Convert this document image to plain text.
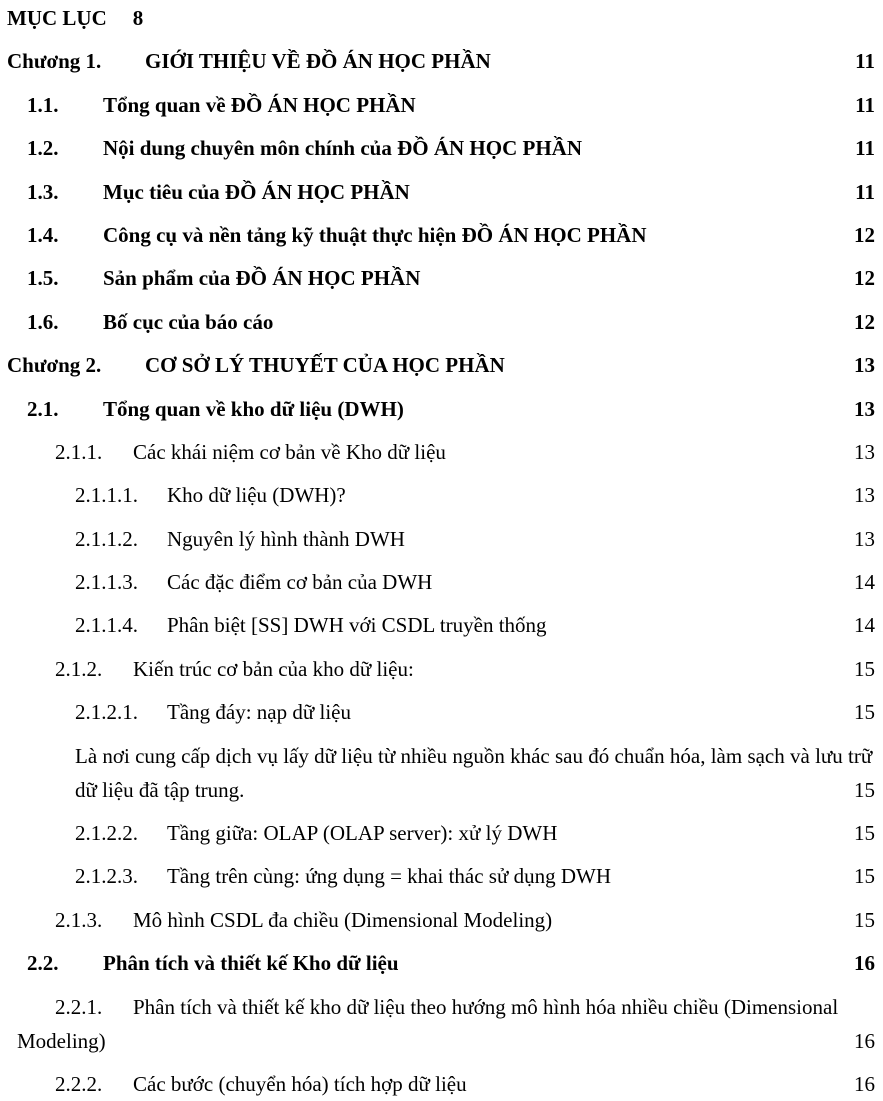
MỤC LỤC 8
Chương 1. GIỚI THIỆU VỀ ĐỒ ÁN HỌC PHẦN	11
1.1. Tổng quan về ĐỒ ÁN HỌC PHẦN	11
1.2. Nội dung chuyên môn chính của ĐỒ ÁN HỌC PHẦN	11
1.3. Mục tiêu của ĐỒ ÁN HỌC PHẦN	11
1.4. Công cụ và nền tảng kỹ thuật thực hiện ĐỒ ÁN HỌC PHẦN	12
1.5. Sản phẩm của ĐỒ ÁN HỌC PHẦN	12
1.6. Bố cục của báo cáo	12
Chương 2. CƠ SỞ LÝ THUYẾT CỦA HỌC PHẦN	13
2.1. Tổng quan về kho dữ liệu (DWH)	13
2.1.1. Các khái niệm cơ bản về Kho dữ liệu	13
2.1.1.1. Kho dữ liệu (DWH)?	13
2.1.1.2. Nguyên lý hình thành DWH	13
2.1.1.3. Các đặc điểm cơ bản của DWH	14
2.1.1.4. Phân biệt [SS] DWH với CSDL truyền thống	14
2.1.2. Kiến trúc cơ bản của kho dữ liệu:	15
2.1.2.1. Tầng đáy: nạp dữ liệu	15
Là nơi cung cấp dịch vụ lấy dữ liệu từ nhiều nguồn khác sau đó chuẩn hóa, làm sạch và lưu trữ dữ liệu đã tập trung.	15
2.1.2.2. Tầng giữa: OLAP (OLAP server): xử lý DWH	15
2.1.2.3. Tầng trên cùng: ứng dụng = khai thác sử dụng DWH	15
2.1.3. Mô hình CSDL đa chiều (Dimensional Modeling)	15
2.2. Phân tích và thiết kế Kho dữ liệu	16
2.2.1. Phân tích và thiết kế kho dữ liệu theo hướng mô hình hóa nhiều chiều (Dimensional Modeling)	16
2.2.2. Các bước (chuyển hóa) tích hợp dữ liệu	16
